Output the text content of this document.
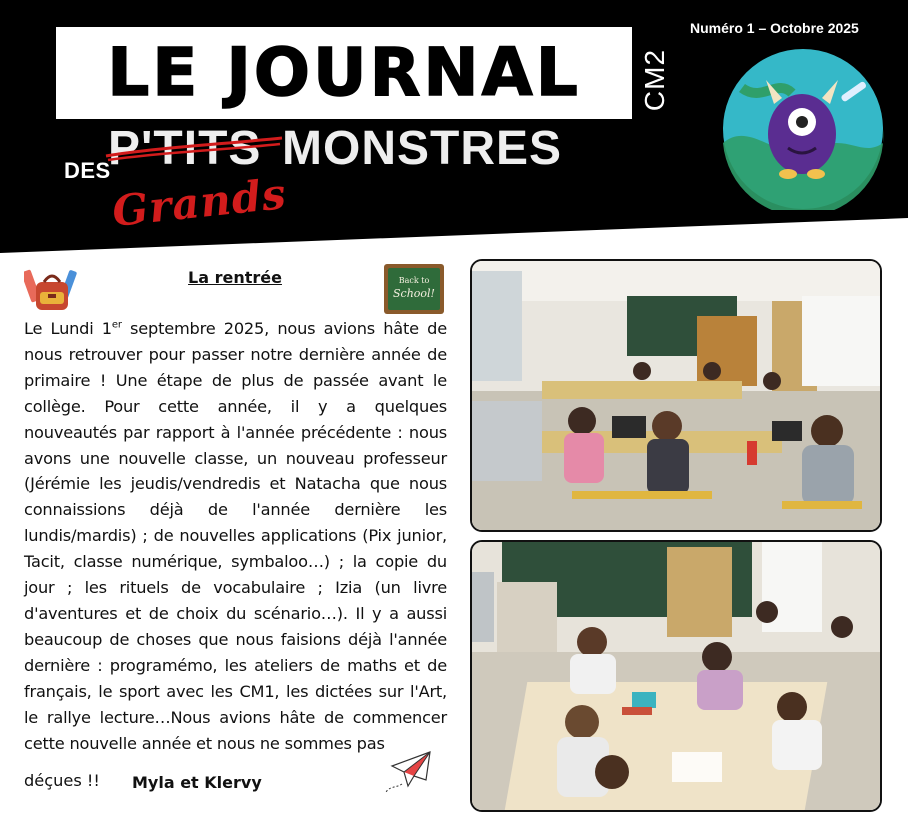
LE JOURNAL CM2
DES
P'TITS MONSTRES
Grands
Numéro 1 – Octobre 2025
La rentrée	Back to
School!
Le Lundi 1er septembre 2025, nous avions hâte de nous retrouver pour passer notre dernière année de primaire ! Une étape de plus de passée avant le collège. Pour cette année, il y a quelques nouveautés par rapport à l'année précédente : nous avons une nouvelle classe, un nouveau professeur (Jérémie les jeudis/vendredis et Natacha que nous connaissions déjà de l'année dernière les lundis/mardis) ; de nouvelles applications (Pix junior, Tacit, classe numérique, symbaloo…) ; la copie du jour ; les rituels de vocabulaire ; Izia (un livre d'aventures et de choix du scénario…). Il y a aussi beaucoup de choses que nous faisions déjà l'année dernière : programémo, les ateliers de maths et de français, le sport avec les CM1, les dictées sur l'Art, le rallye lecture…Nous avions hâte de commencer cette nouvelle année et nous ne sommes pas
déçues !! Myla et Klervy
